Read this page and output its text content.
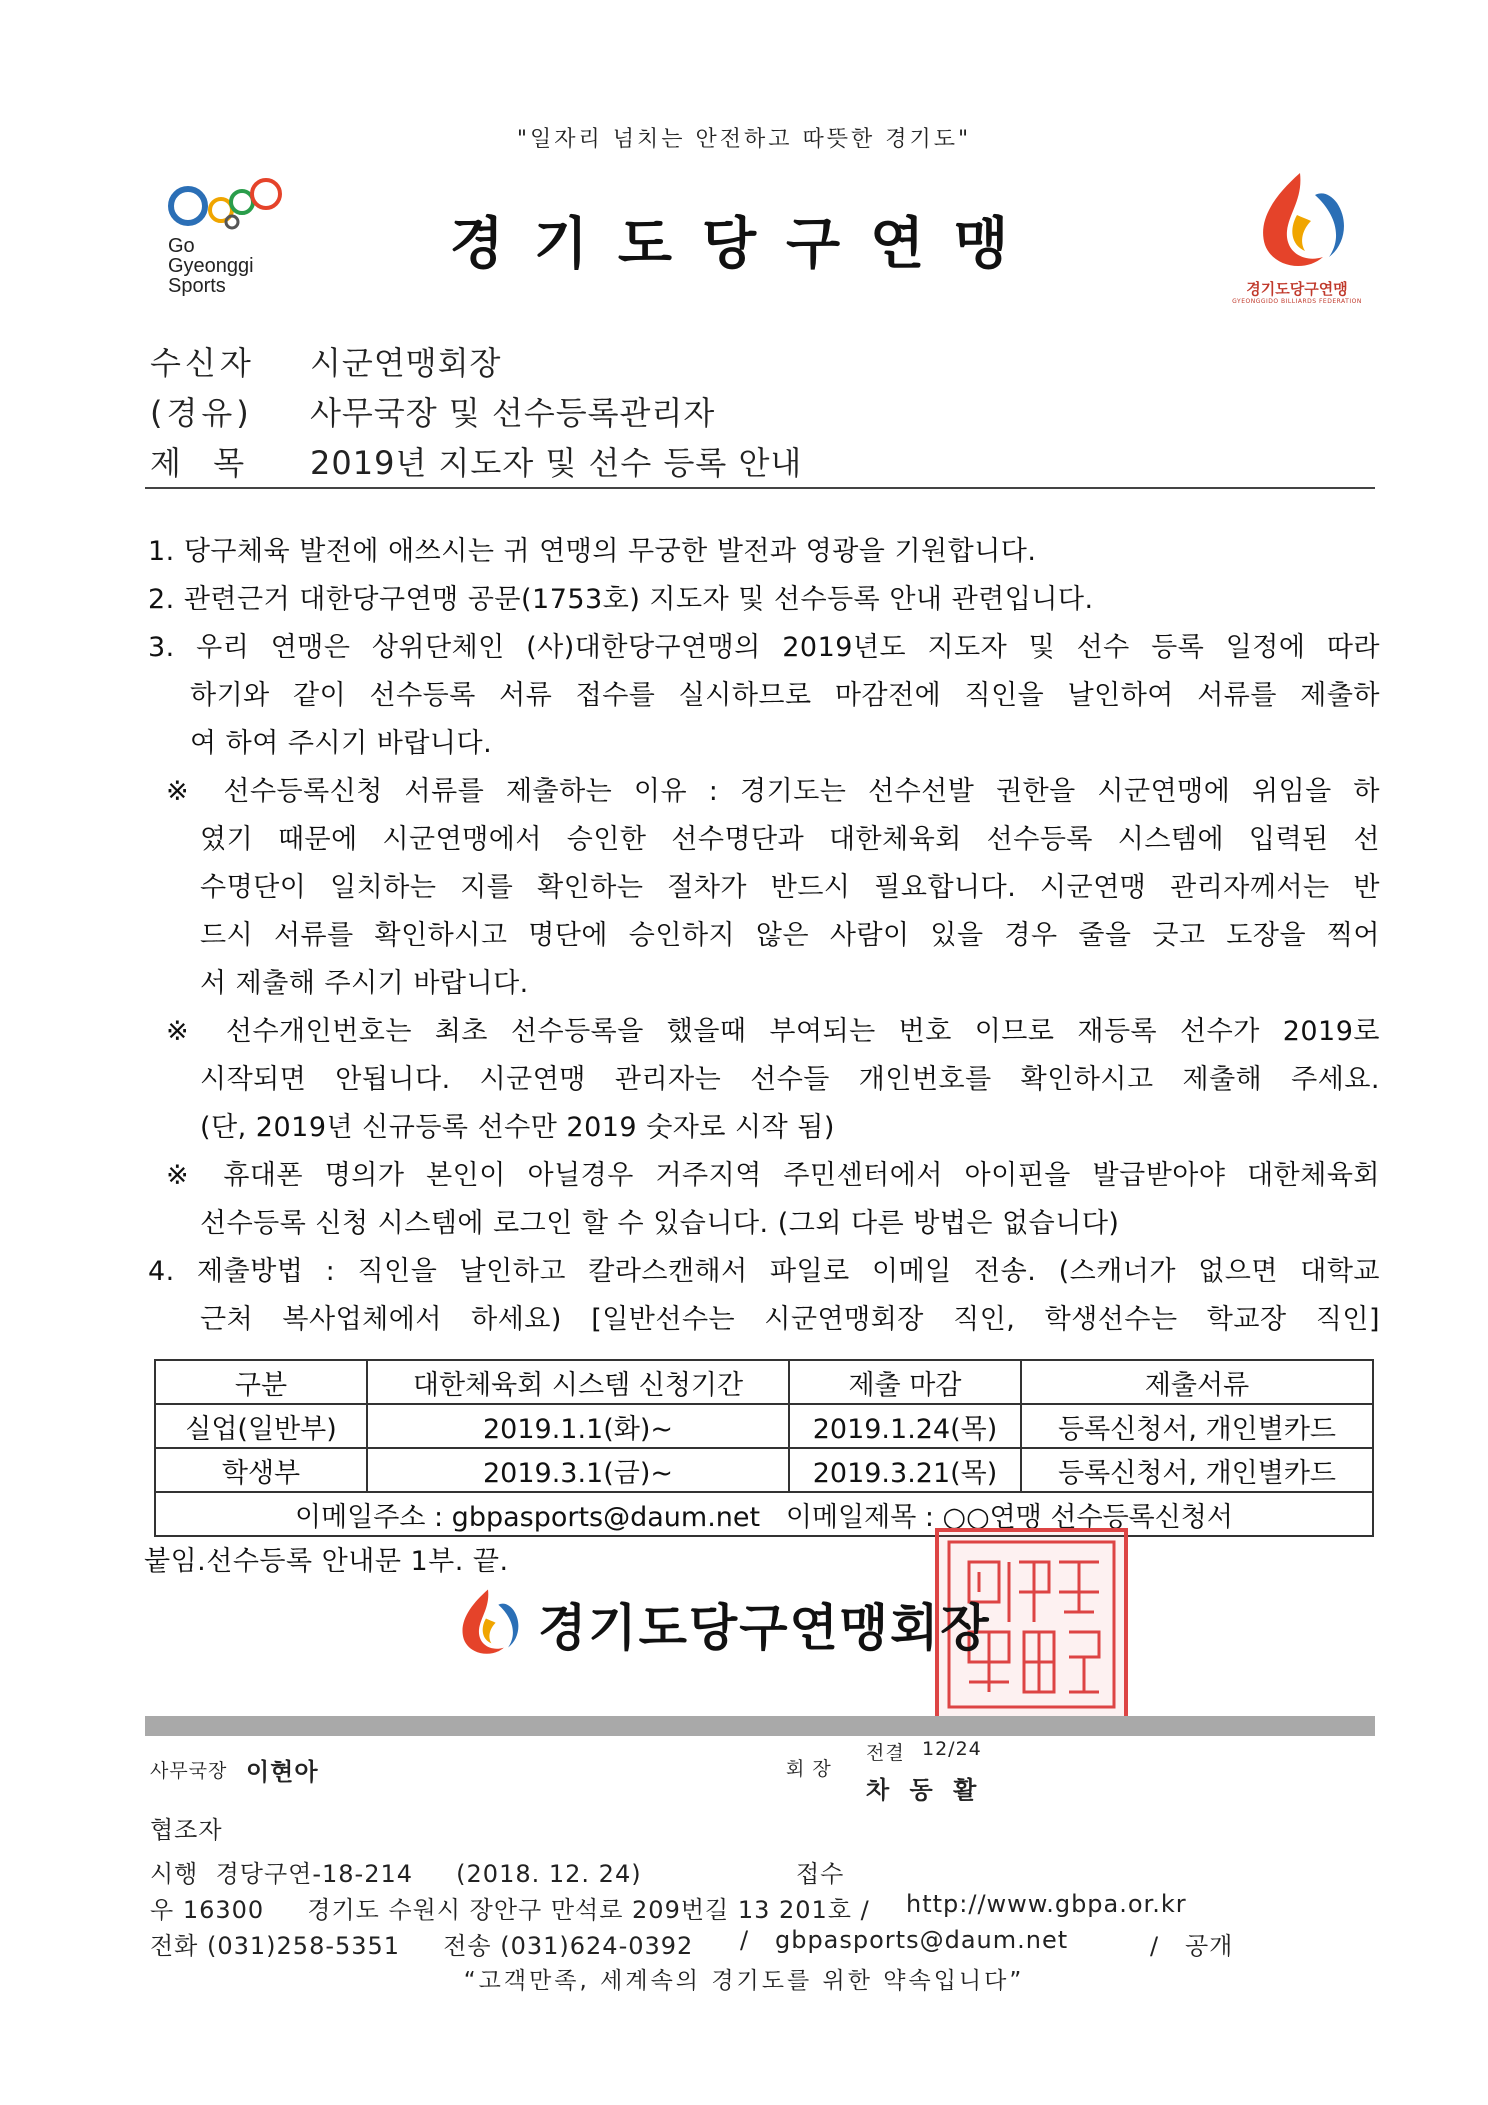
"일자리 넘치는 안전하고 따뜻한 경기도"
Go
Gyeonggi
Sports
경기도당구연맹
경기도당구연맹
GYEONGGIDO BILLIARDS FEDERATION
수신자 시군연맹회장
(경유) 사무국장 및 선수등록관리자
제  목 2019년 지도자 및 선수 등록 안내
1. 당구체육 발전에 애쓰시는 귀 연맹의 무궁한 발전과 영광을 기원합니다.
2. 관련근거 대한당구연맹 공문(1753호) 지도자 및 선수등록 안내 관련입니다.
3. 우리 연맹은 상위단체인 (사)대한당구연맹의 2019년도 지도자 및 선수 등록 일정에 따라
하기와 같이 선수등록 서류 접수를 실시하므로 마감전에 직인을 날인하여 서류를 제출하
여 하여 주시기 바랍니다.
※ 선수등록신청 서류를 제출하는 이유 : 경기도는 선수선발 권한을 시군연맹에 위임을 하
였기 때문에 시군연맹에서 승인한 선수명단과 대한체육회 선수등록 시스템에 입력된 선
수명단이 일치하는 지를 확인하는 절차가 반드시 필요합니다. 시군연맹 관리자께서는 반
드시 서류를 확인하시고 명단에 승인하지 않은 사람이 있을 경우 줄을 긋고 도장을 찍어
서 제출해 주시기 바랍니다.
※ 선수개인번호는 최초 선수등록을 했을때 부여되는 번호 이므로 재등록 선수가 2019로
시작되면 안됩니다. 시군연맹 관리자는 선수들 개인번호를 확인하시고 제출해 주세요.
(단, 2019년 신규등록 선수만 2019 숫자로 시작 됨)
※ 휴대폰 명의가 본인이 아닐경우 거주지역 주민센터에서 아이핀을 발급받아야 대한체육회
선수등록 신청 시스템에 로그인 할 수 있습니다. (그외 다른 방법은 없습니다)
4. 제출방법 : 직인을 날인하고 칼라스캔해서 파일로 이메일 전송. (스캐너가 없으면 대학교
근처 복사업체에서 하세요) [일반선수는 시군연맹회장 직인, 학생선수는 학교장 직인]
구분	대한체육회 시스템 신청기간	제출 마감	제출서류
실업(일반부)	2019.1.1(화)~	2019.1.24(목)	등록신청서, 개인별카드
학생부	2019.3.1(금)~	2019.3.21(목)	등록신청서, 개인별카드
이메일주소 : gbpasports@daum.net   이메일제목 : ○○연맹 선수등록신청서			
붙임.선수등록 안내문 1부. 끝.
경기도당구연맹회장
사무국장 이현아	회 장
전결 12/24
차 동 활
협조자
시행  경당구연-18-214     (2018. 12. 24)	접수
우 16300     경기도 수원시 장안구 만석로 209번길 13 201호 / http://www.gbpa.or.kr
전화 (031)258-5351     전송 (031)624-0392 /   gbpasports@daum.net	/   공개
“고객만족, 세계속의 경기도를 위한 약속입니다”
